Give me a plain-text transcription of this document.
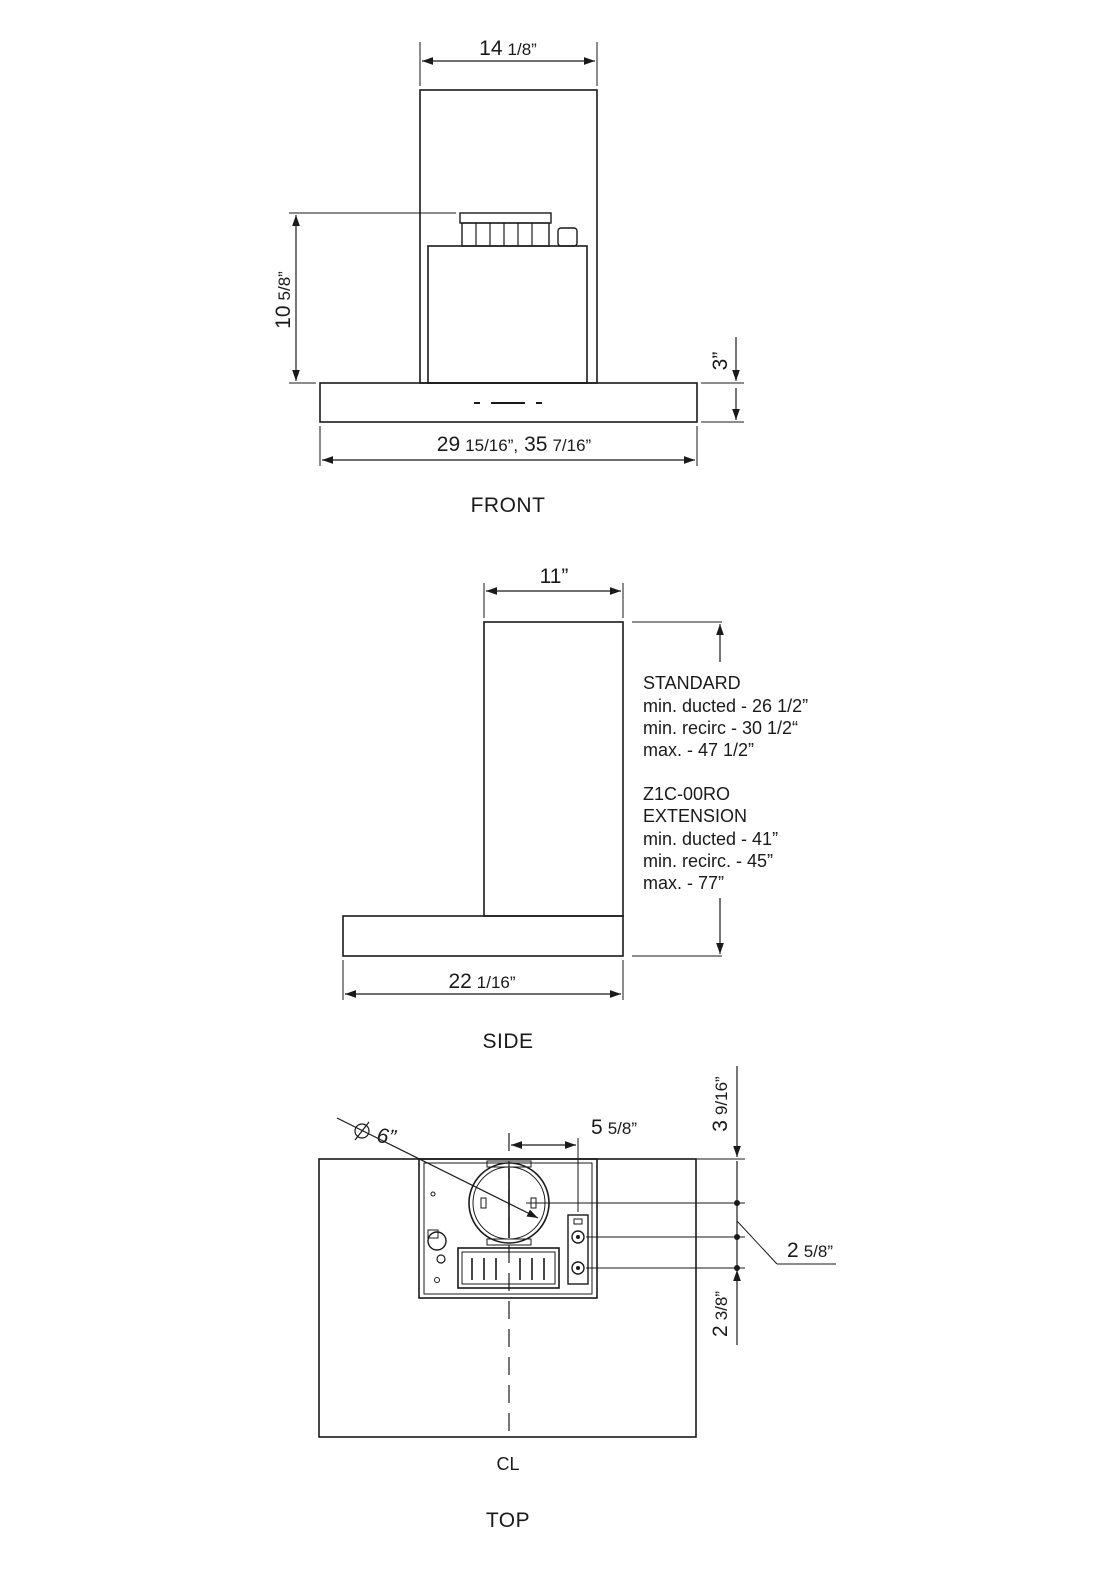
14 1/8”
105/8”
3”
29 15/16”, 35 7/16”
FRONT
11”
STANDARD
min. ducted - 26 1/2”
min. recirc - 30 1/2“
max. - 47 1/2”
Z1C-00RO
EXTENSION
min. ducted - 41”
min. recirc. - 45”
max. - 77”
22 1/16”
SIDE
6”	5 5/8”	39/16”
2 5/8”
23/8”
CL
TOP
